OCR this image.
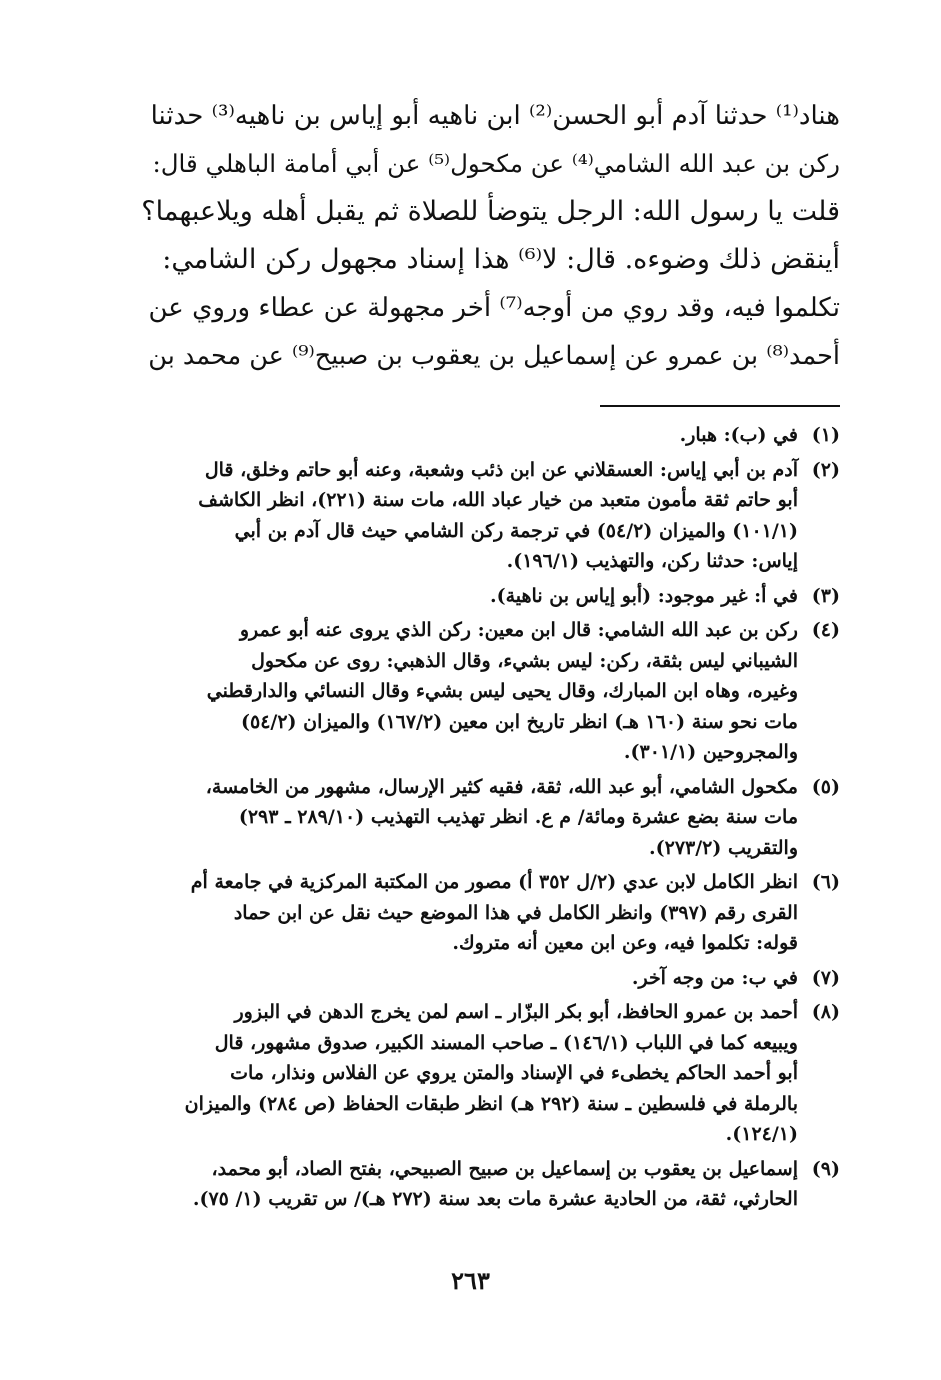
هناد⁽¹⁾ حدثنا آدم أبو الحسن⁽²⁾ ابن ناهيه أبو إياس بن ناهيه⁽³⁾ حدثنا
ركن بن عبد الله الشامي⁽⁴⁾ عن مكحول⁽⁵⁾ عن أبي أمامة الباهلي قال:
قلت يا رسول الله: الرجل يتوضأ للصلاة ثم يقبل أهله ويلاعبهما؟
أينقض ذلك وضوءه. قال: لا⁽⁶⁾ هذا إسناد مجهول ركن الشامي:
تكلموا فيه، وقد روي من أوجه⁽⁷⁾ أخر مجهولة عن عطاء وروي عن
أحمد⁽⁸⁾ بن عمرو عن إسماعيل بن يعقوب بن صبيح⁽⁹⁾ عن محمد بن
(١)
في (ب): هبار.
(٢)
آدم بن أبي إياس: العسقلاني عن ابن ذئب وشعبة، وعنه أبو حاتم وخلق، قال
أبو حاتم ثقة مأمون متعبد من خيار عباد الله، مات سنة (٢٢١)، انظر الكاشف
(١٠١/١) والميزان (٥٤/٢) في ترجمة ركن الشامي حيث قال آدم بن أبي
إياس: حدثنا ركن، والتهذيب (١٩٦/١).
(٣)
في أ: غير موجود: (أبو إياس بن ناهية).
(٤)
ركن بن عبد الله الشامي: قال ابن معين: ركن الذي يروى عنه أبو عمرو
الشيباني ليس بثقة، ركن: ليس بشيء، وقال الذهبي: روى عن مكحول
وغيره، وهاه ابن المبارك، وقال يحيى ليس بشيء وقال النسائي والدارقطني
مات نحو سنة (١٦٠ هـ) انظر تاريخ ابن معين (١٦٧/٢) والميزان (٥٤/٢)
والمجروحين (٣٠١/١).
(٥)
مكحول الشامي، أبو عبد الله، ثقة، فقيه كثير الإرسال، مشهور من الخامسة،
مات سنة بضع عشرة ومائة/ م ع. انظر تهذيب التهذيب (٢٨٩/١٠ ـ ٢٩٣)
والتقريب (٢٧٣/٢).
(٦)
انظر الكامل لابن عدي (٢/ل ٣٥٢ أ) مصور من المكتبة المركزية في جامعة أم
القرى رقم (٣٩٧) وانظر الكامل في هذا الموضع حيث نقل عن ابن حماد
قوله: تكلموا فيه، وعن ابن معين أنه متروك.
(٧)
في ب: من وجه آخر.
(٨)
أحمد بن عمرو الحافظ، أبو بكر البزّار ـ اسم لمن يخرج الدهن في البزور
ويبيعه كما في اللباب (١٤٦/١) ـ صاحب المسند الكبير، صدوق مشهور، قال
أبو أحمد الحاكم يخطىء في الإسناد والمتن يروي عن الفلاس ونذار، مات
بالرملة في فلسطين ـ سنة (٢٩٢ هـ) انظر طبقات الحفاظ (ص ٢٨٤) والميزان
(١٢٤/١).
(٩)
إسماعيل بن يعقوب بن إسماعيل بن صبيح الصبيحي، بفتح الصاد، أبو محمد،
الحارثي، ثقة، من الحادية عشرة مات بعد سنة (٢٧٢ هـ)/ س تقريب (١/ ٧٥).
٢٦٣
